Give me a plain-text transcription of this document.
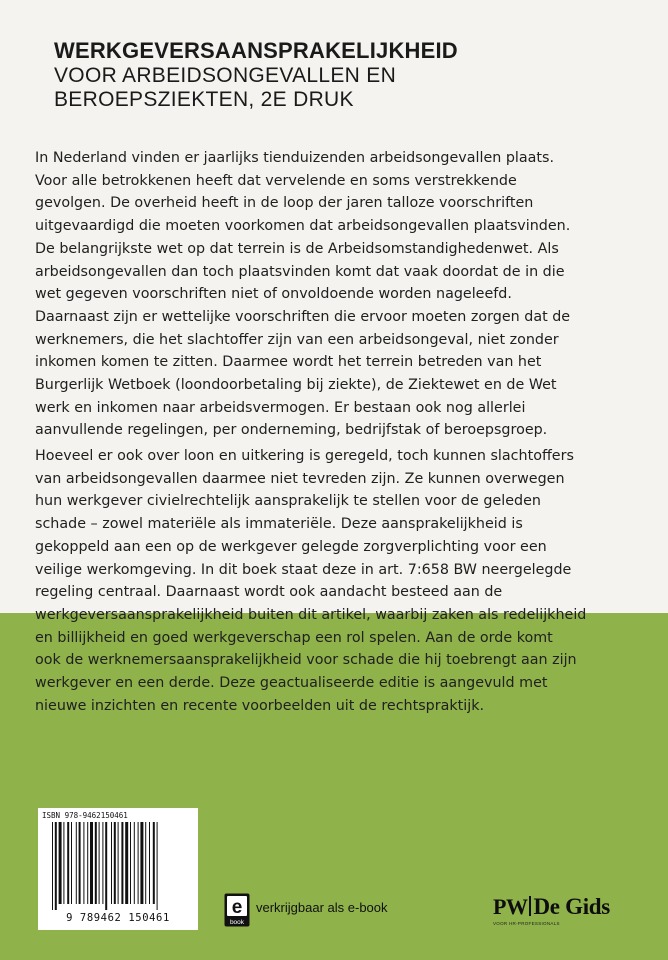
WERKGEVERSAANSPRAKELIJKHEID
VOOR ARBEIDSONGEVALLEN EN
BEROEPSZIEKTEN, 2E DRUK
In Nederland vinden er jaarlijks tienduizenden arbeidsongevallen plaats.
Voor alle betrokkenen heeft dat vervelende en soms verstrekkende
gevolgen. De overheid heeft in de loop der jaren talloze voorschriften
uitgevaardigd die moeten voorkomen dat arbeidsongevallen plaatsvinden.
De belangrijkste wet op dat terrein is de Arbeidsomstandighedenwet. Als
arbeidsongevallen dan toch plaatsvinden komt dat vaak doordat de in die
wet gegeven voorschriften niet of onvoldoende worden nageleefd.
Daarnaast zijn er wettelijke voorschriften die ervoor moeten zorgen dat de
werknemers, die het slachtoffer zijn van een arbeidsongeval, niet zonder
inkomen komen te zitten. Daarmee wordt het terrein betreden van het
Burgerlijk Wetboek (loondoorbetaling bij ziekte), de Ziektewet en de Wet
werk en inkomen naar arbeidsvermogen. Er bestaan ook nog allerlei
aanvullende regelingen, per onderneming, bedrijfstak of beroepsgroep.
Hoeveel er ook over loon en uitkering is geregeld, toch kunnen slachtoffers
van arbeidsongevallen daarmee niet tevreden zijn. Ze kunnen overwegen
hun werkgever civielrechtelijk aansprakelijk te stellen voor de geleden
schade – zowel materiële als immateriële. Deze aansprakelijkheid is
gekoppeld aan een op de werkgever gelegde zorgverplichting voor een
veilige werkomgeving. In dit boek staat deze in art. 7:658 BW neergelegde
regeling centraal. Daarnaast wordt ook aandacht besteed aan de
werkgeversaansprakelijkheid buiten dit artikel, waarbij zaken als redelijkheid
en billijkheid en goed werkgeverschap een rol spelen. Aan de orde komt
ook de werknemersaansprakelijkheid voor schade die hij toebrengt aan zijn
werkgever en een derde. Deze geactualiseerde editie is aangevuld met
nieuwe inzichten en recente voorbeelden uit de rechtspraktijk.
ISBN 978-9462150461
9 789462 150461	e
book
verkrijgbaar als e-book	PW De Gids
VOOR HR-PROFESSIONALS
